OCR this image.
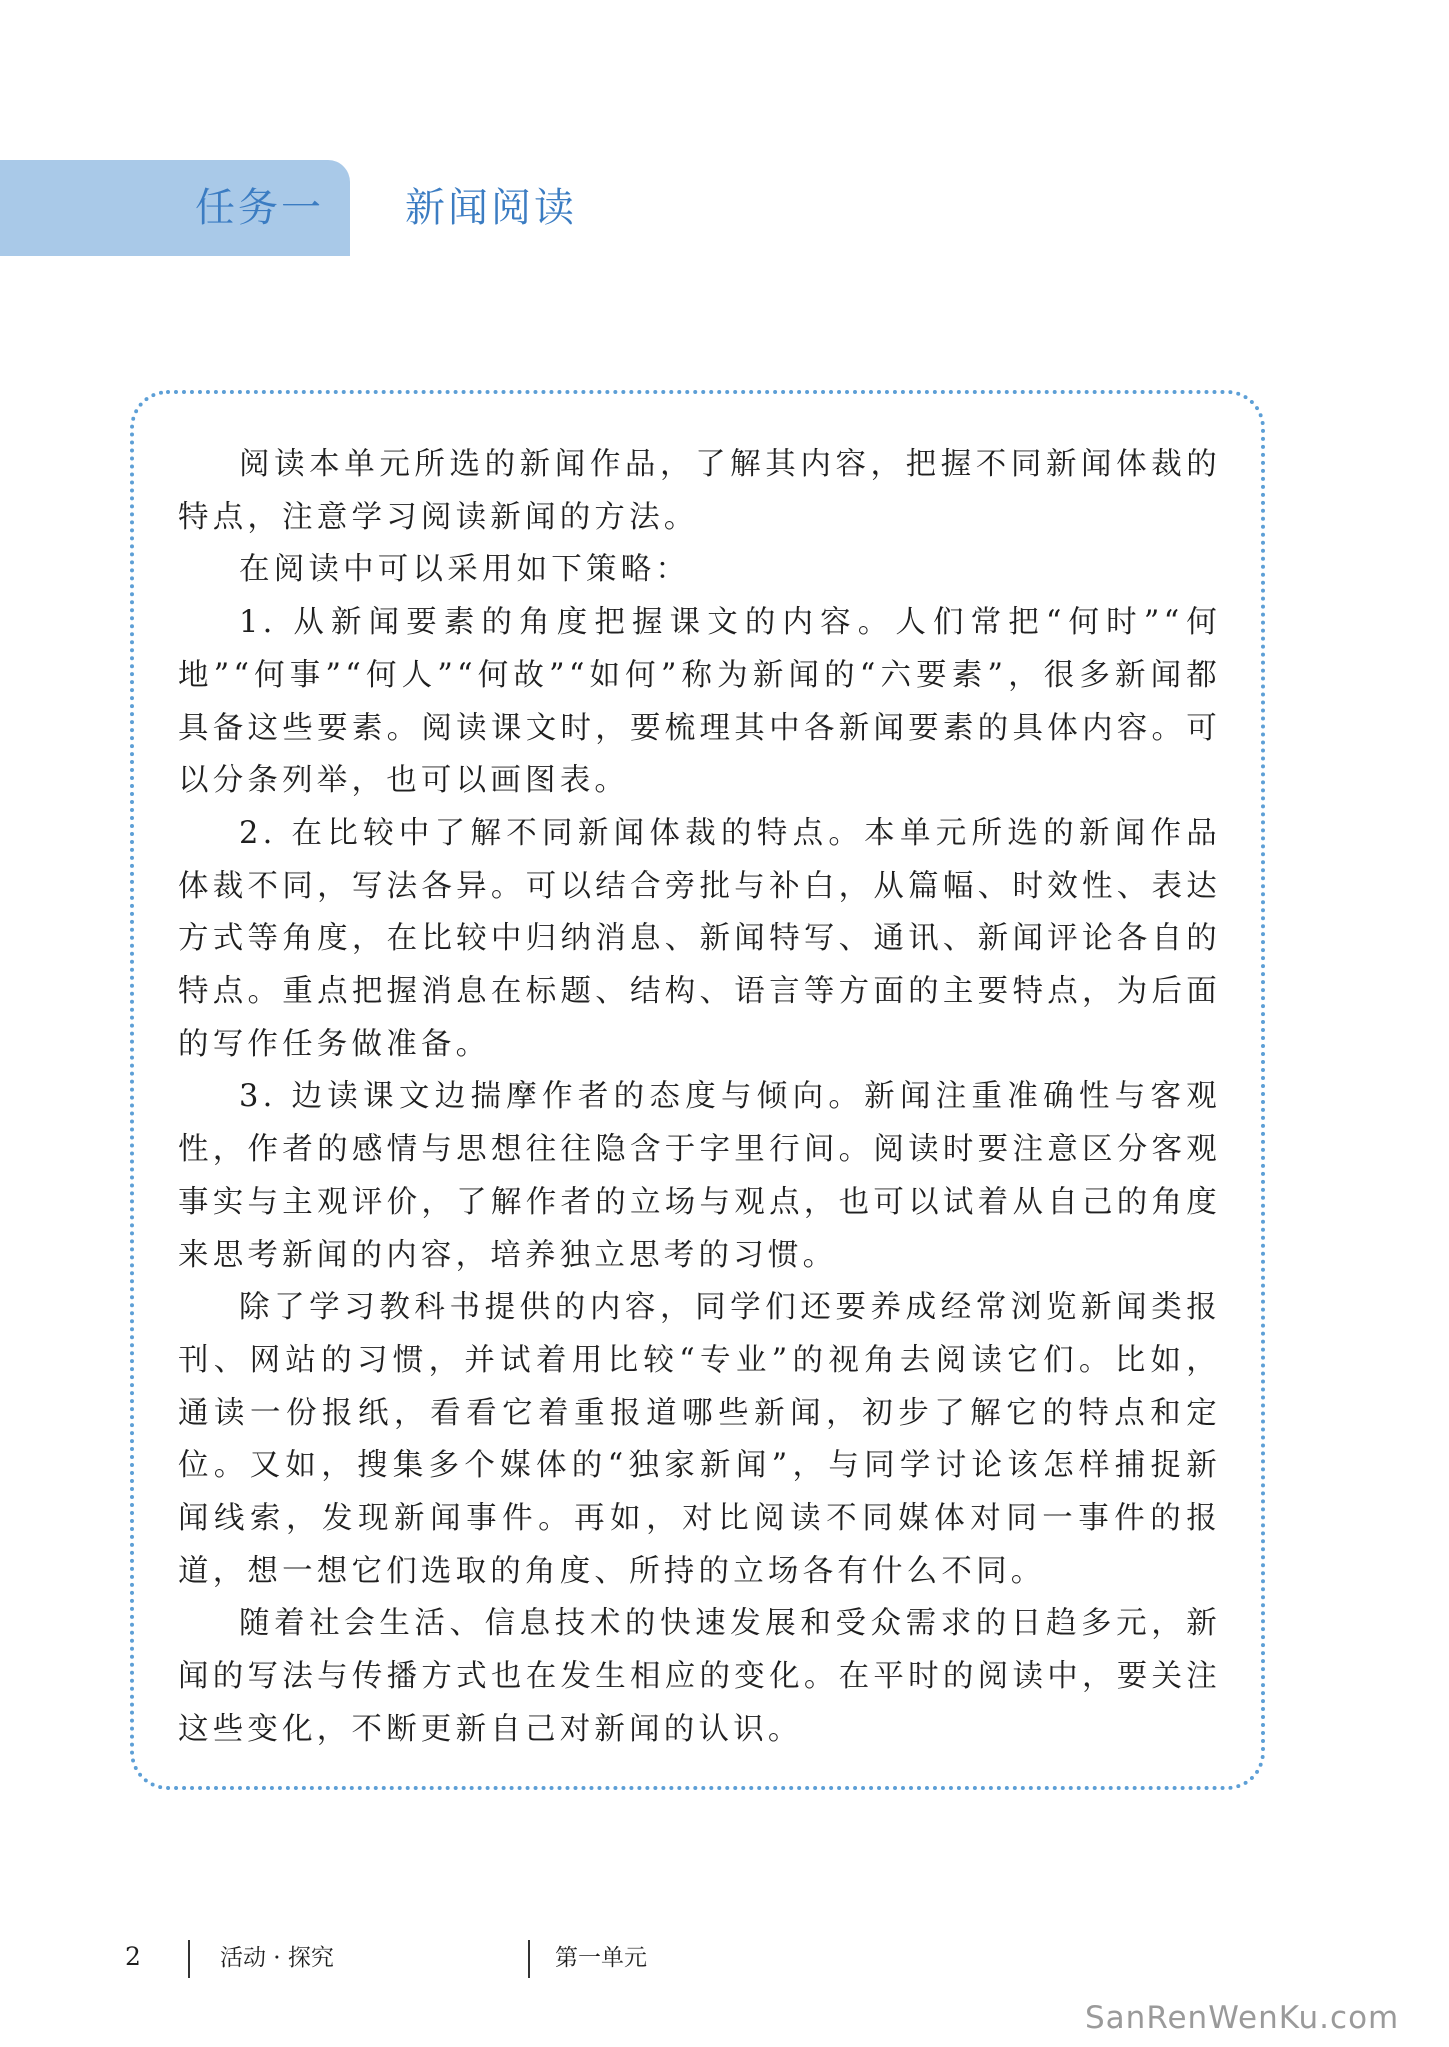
任务一 新闻阅读

阅读本单元所选的新闻作品，了解其内容，把握不同新闻体裁的特点，注意学习阅读新闻的方法。

在阅读中可以采用如下策略：

1. 从新闻要素的角度把握课文的内容。人们常把“何时”“何地”“何事”“何人”“何故”“如何”称为新闻的“六要素”，很多新闻都具备这些要素。阅读课文时，要梳理其中各新闻要素的具体内容。可以分条列举，也可以画图表。

2. 在比较中了解不同新闻体裁的特点。本单元所选的新闻作品体裁不同，写法各异。可以结合旁批与补白，从篇幅、时效性、表达方式等角度，在比较中归纳消息、新闻特写、通讯、新闻评论各自的特点。重点把握消息在标题、结构、语言等方面的主要特点，为后面的写作任务做准备。

3. 边读课文边揣摩作者的态度与倾向。新闻注重准确性与客观性，作者的感情与思想往往隐含于字里行间。阅读时要注意区分客观事实与主观评价，了解作者的立场与观点，也可以试着从自己的角度来思考新闻的内容，培养独立思考的习惯。

除了学习教科书提供的内容，同学们还要养成经常浏览新闻类报刊、网站的习惯，并试着用比较“专业”的视角去阅读它们。比如，通读一份报纸，看看它着重报道哪些新闻，初步了解它的特点和定位。又如，搜集多个媒体的“独家新闻”，与同学讨论该怎样捕捉新闻线索，发现新闻事件。再如，对比阅读不同媒体对同一事件的报道，想一想它们选取的角度、所持的立场各有什么不同。

随着社会生活、信息技术的快速发展和受众需求的日趋多元，新闻的写法与传播方式也在发生相应的变化。在平时的阅读中，要关注这些变化，不断更新自己对新闻的认识。

2	活动 · 探究	第一单元
SanRenWenKu.com
